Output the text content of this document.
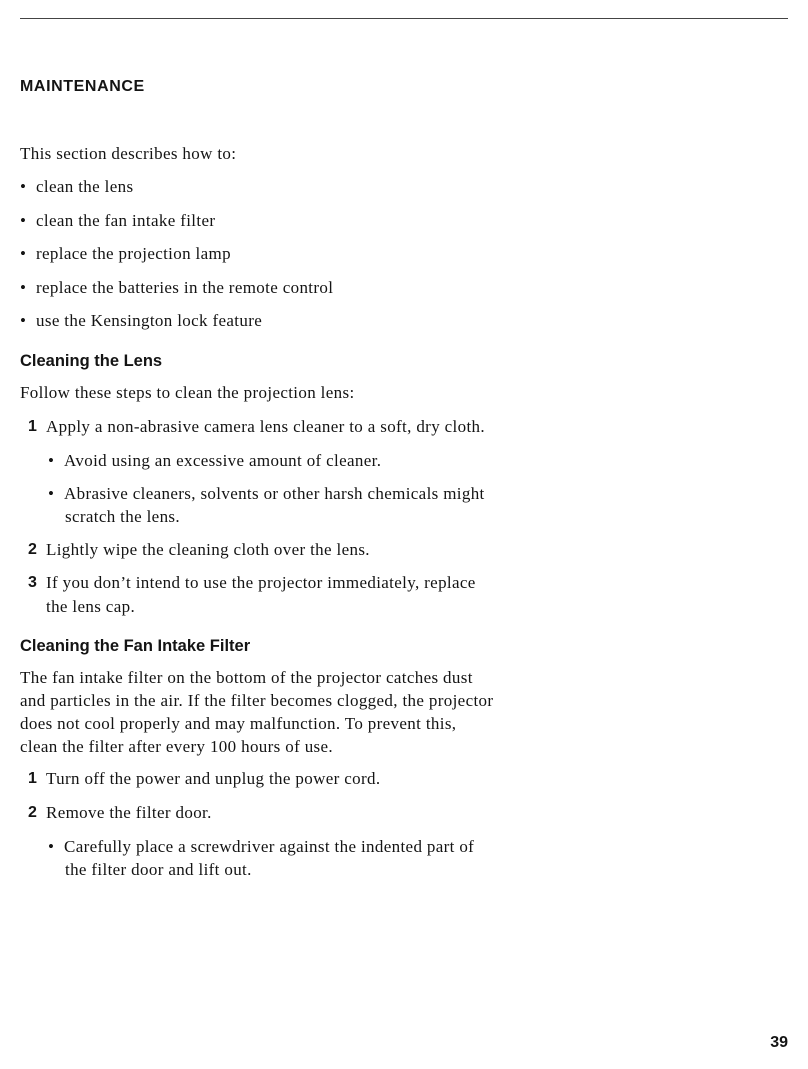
MAINTENANCE
This section describes how to:
• clean the lens
• clean the fan intake filter
• replace the projection lamp
• replace the batteries in the remote control
• use the Kensington lock feature
Cleaning the Lens
Follow these steps to clean the projection lens:
1 Apply a non-abrasive camera lens cleaner to a soft, dry cloth.
• Avoid using an excessive amount of cleaner.
• Abrasive cleaners, solvents or other harsh chemicals might
scratch the lens.
2 Lightly wipe the cleaning cloth over the lens.
3 If you don’t intend to use the projector immediately, replace
the lens cap.
Cleaning the Fan Intake Filter
The fan intake filter on the bottom of the projector catches dust
and particles in the air. If the filter becomes clogged, the projector
does not cool properly and may malfunction. To prevent this,
clean the filter after every 100 hours of use.
1 Turn off the power and unplug the power cord.
2 Remove the filter door.
• Carefully place a screwdriver against the indented part of
the filter door and lift out.
39
